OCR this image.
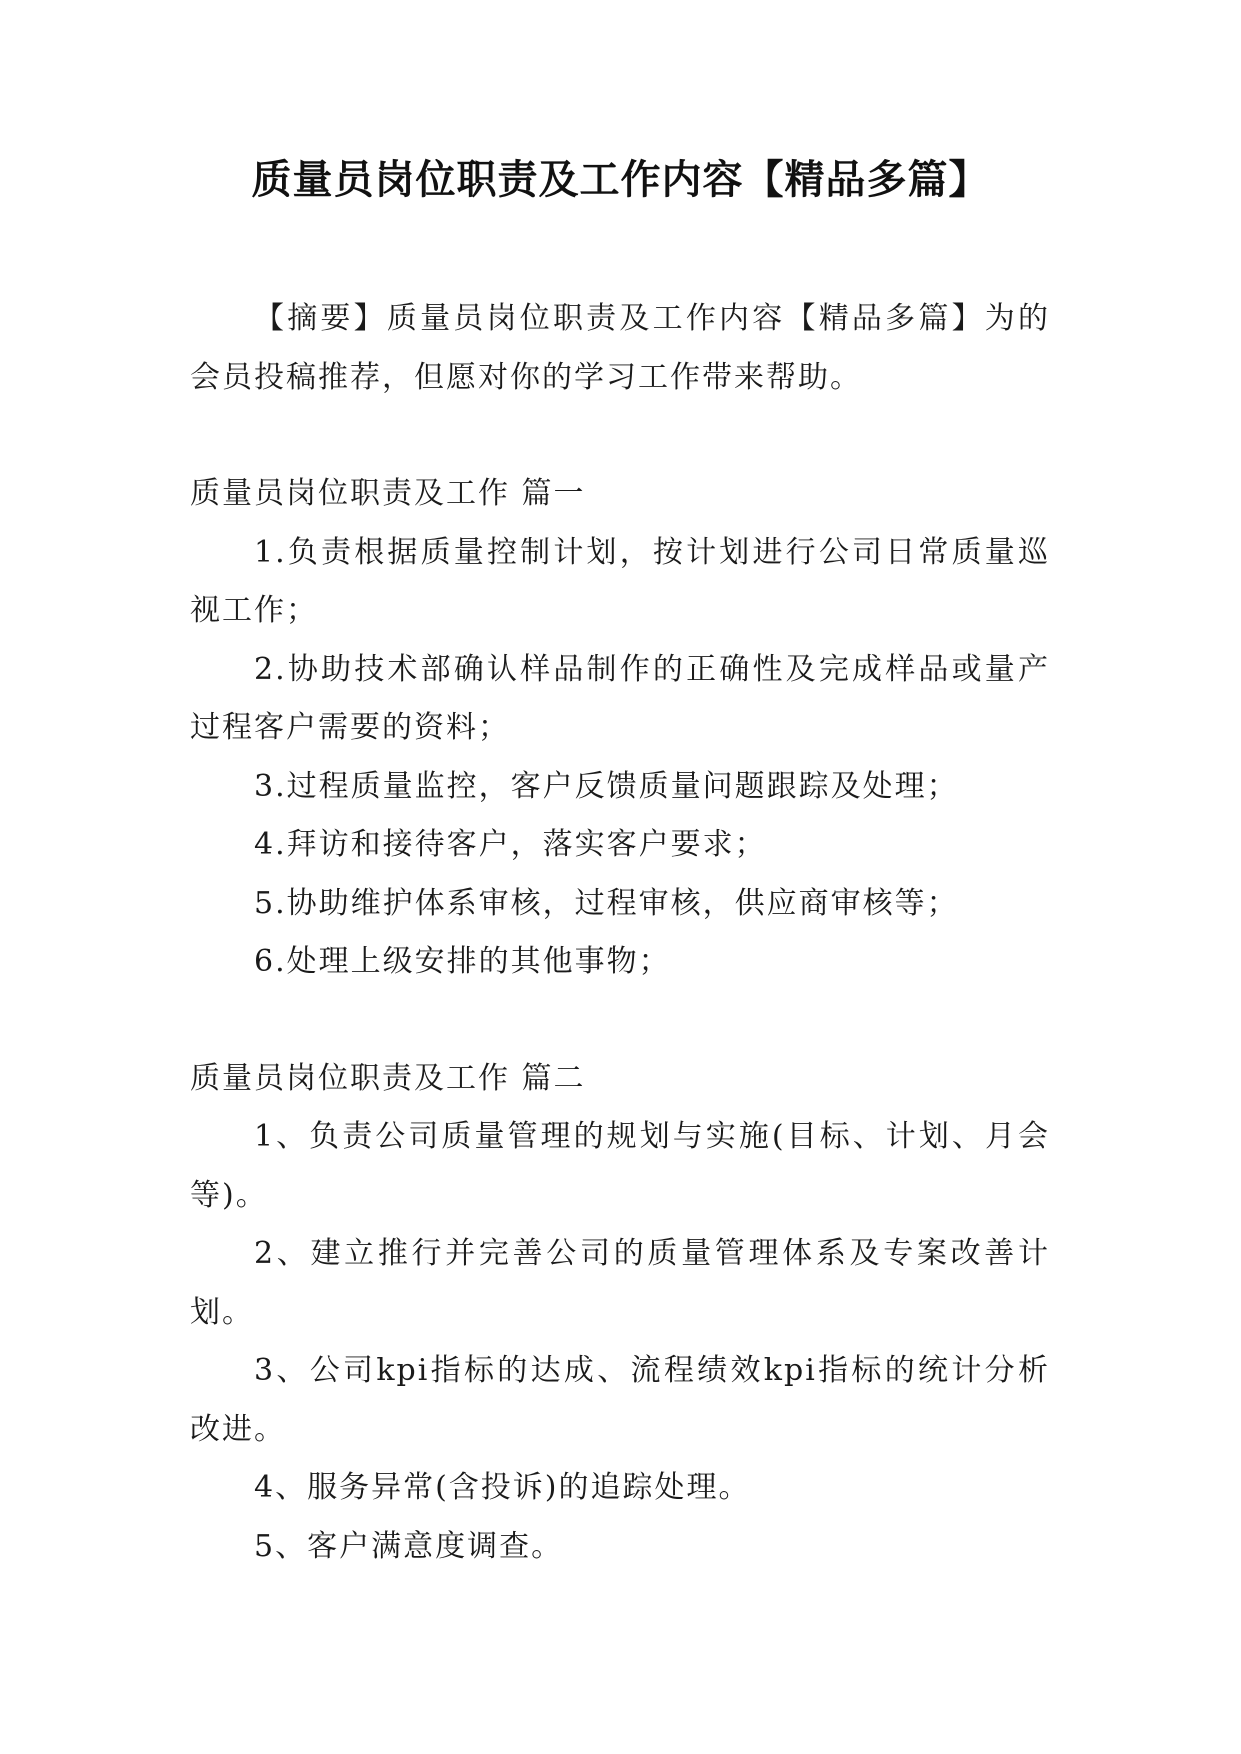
质量员岗位职责及工作内容【精品多篇】

【摘要】质量员岗位职责及工作内容【精品多篇】为的会员投稿推荐，但愿对你的学习工作带来帮助。

质量员岗位职责及工作 篇一

1.负责根据质量控制计划，按计划进行公司日常质量巡视工作；

2.协助技术部确认样品制作的正确性及完成样品或量产过程客户需要的资料；

3.过程质量监控，客户反馈质量问题跟踪及处理；

4.拜访和接待客户，落实客户要求；

5.协助维护体系审核，过程审核，供应商审核等；

6.处理上级安排的其他事物；

质量员岗位职责及工作 篇二

1、负责公司质量管理的规划与实施(目标、计划、月会等)。

2、建立推行并完善公司的质量管理体系及专案改善计划。

3、公司kpi指标的达成、流程绩效kpi指标的统计分析改进。

4、服务异常(含投诉)的追踪处理。

5、客户满意度调查。
